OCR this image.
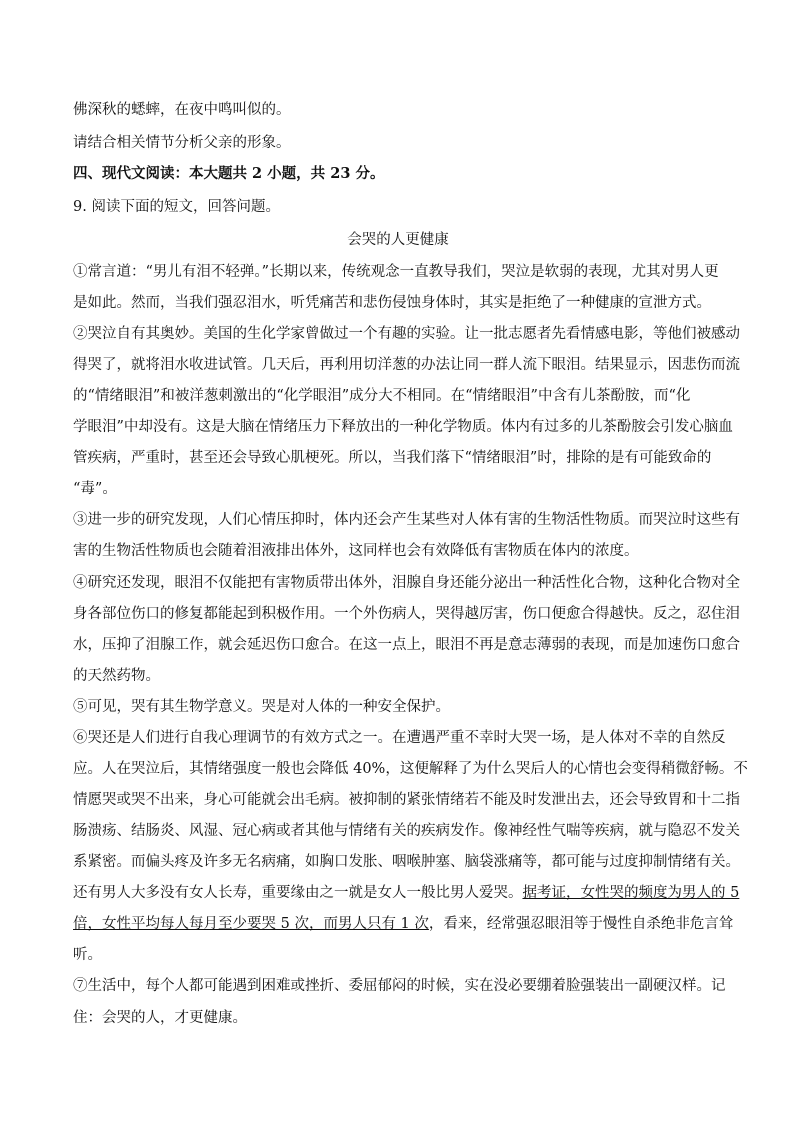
佛深秋的蟋蟀，在夜中鸣叫似的。
请结合相关情节分析父亲的形象。
四、现代文阅读：本大题共 2 小题，共 23 分。
9. 阅读下面的短文，回答问题。
会哭的人更健康
①常言道：“男儿有泪不轻弹。”长期以来，传统观念一直教导我们，哭泣是软弱的表现，尤其对男人更
是如此。然而，当我们强忍泪水，听凭痛苦和悲伤侵蚀身体时，其实是拒绝了一种健康的宣泄方式。
②哭泣自有其奥妙。美国的生化学家曾做过一个有趣的实验。让一批志愿者先看情感电影，等他们被感动
得哭了，就将泪水收进试管。几天后，再利用切洋葱的办法让同一群人流下眼泪。结果显示，因悲伤而流
的“情绪眼泪”和被洋葱刺激出的“化学眼泪”成分大不相同。在“情绪眼泪”中含有儿茶酚胺，而“化
学眼泪”中却没有。这是大脑在情绪压力下释放出的一种化学物质。体内有过多的儿茶酚胺会引发心脑血
管疾病，严重时，甚至还会导致心肌梗死。所以，当我们落下“情绪眼泪”时，排除的是有可能致命的
“毒”。
③进一步的研究发现，人们心情压抑时，体内还会产生某些对人体有害的生物活性物质。而哭泣时这些有
害的生物活性物质也会随着泪液排出体外，这同样也会有效降低有害物质在体内的浓度。
④研究还发现，眼泪不仅能把有害物质带出体外，泪腺自身还能分泌出一种活性化合物，这种化合物对全
身各部位伤口的修复都能起到积极作用。一个外伤病人，哭得越厉害，伤口便愈合得越快。反之，忍住泪
水，压抑了泪腺工作，就会延迟伤口愈合。在这一点上，眼泪不再是意志薄弱的表现，而是加速伤口愈合
的天然药物。
⑤可见，哭有其生物学意义。哭是对人体的一种安全保护。
⑥哭还是人们进行自我心理调节的有效方式之一。在遭遇严重不幸时大哭一场，是人体对不幸的自然反
应。人在哭泣后，其情绪强度一般也会降低 40%，这便解释了为什么哭后人的心情也会变得稍微舒畅。不
情愿哭或哭不出来，身心可能就会出毛病。被抑制的紧张情绪若不能及时发泄出去，还会导致胃和十二指
肠溃疡、结肠炎、风湿、冠心病或者其他与情绪有关的疾病发作。像神经性气喘等疾病，就与隐忍不发关
系紧密。而偏头疼及许多无名病痛，如胸口发胀、咽喉肿塞、脑袋涨痛等，都可能与过度抑制情绪有关。
还有男人大多没有女人长寿，重要缘由之一就是女人一般比男人爱哭。据考证，女性哭的频度为男人的 5
倍，女性平均每人每月至少要哭 5 次，而男人只有 1 次，看来，经常强忍眼泪等于慢性自杀绝非危言耸
听。
⑦生活中，每个人都可能遇到困难或挫折、委屈郁闷的时候，实在没必要绷着脸强装出一副硬汉样。记
住：会哭的人，才更健康。
